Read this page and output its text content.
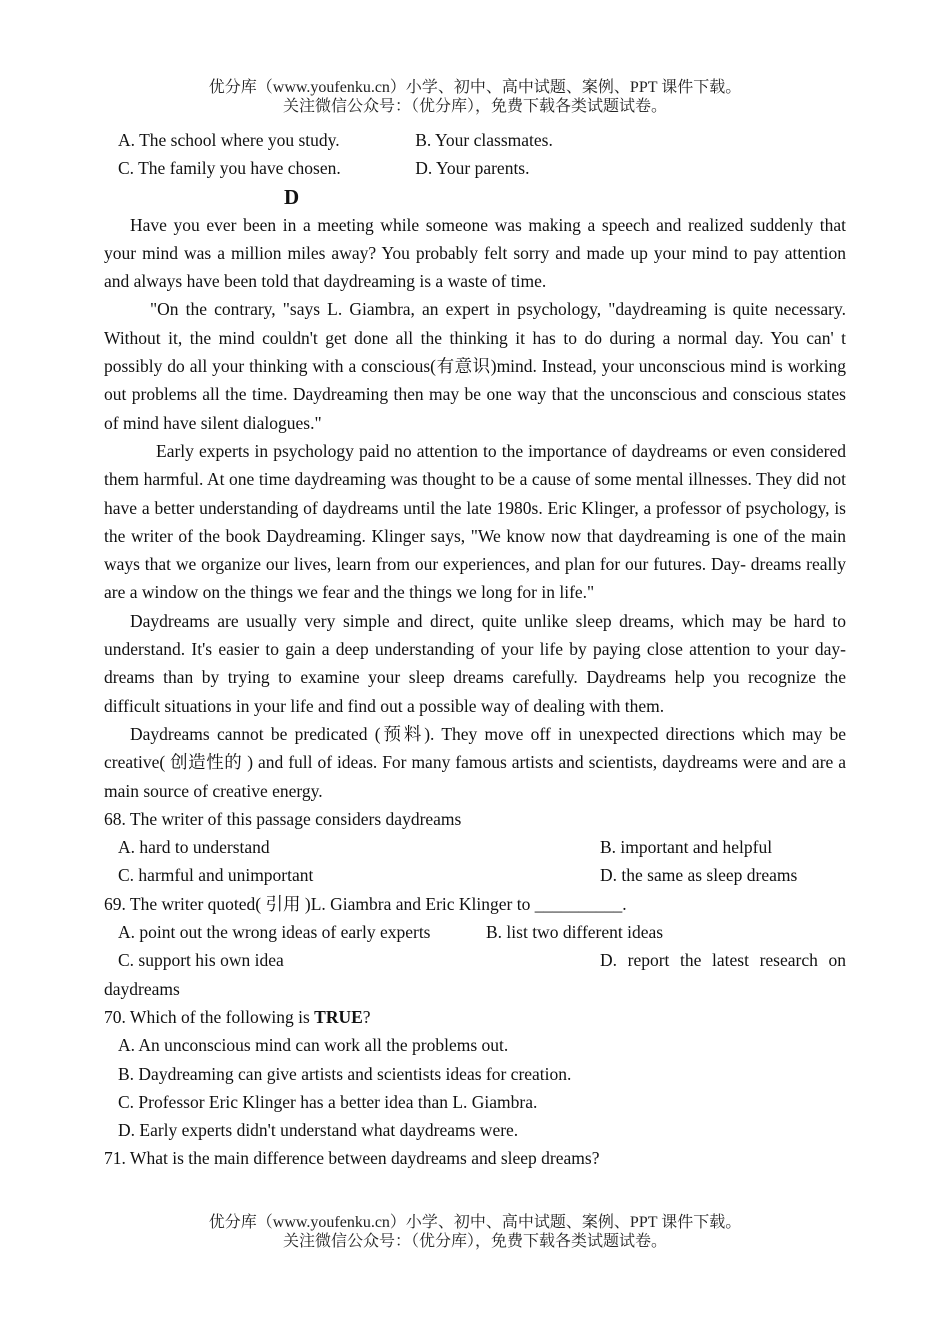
优分库（www.youfenku.cn）小学、初中、高中试题、案例、PPT 课件下载。
关注微信公众号：（优分库），免费下载各类试题试卷。
A. The school where you study.	B. Your classmates.
C. The family you have chosen.	D. Your parents.
D

Have you ever been in a meeting while someone was making a speech and realized suddenly that your mind was a million miles away? You probably felt sorry and made up your mind to pay attention and always have been told that daydreaming is a waste of time.

"On the contrary, "says L. Giambra, an expert in psychology, "daydreaming is quite necessary. Without it, the mind couldn't get done all the thinking it has to do during a normal day. You can' t possibly do all your thinking with a conscious(有意识)mind. Instead, your unconscious mind is working out problems all the time. Daydreaming then may be one way that the unconscious and conscious states of mind have silent dialogues."

Early experts in psychology paid no attention to the importance of daydreams or even considered them harmful. At one time daydreaming was thought to be a cause of some mental illnesses. They did not have a better understanding of daydreams until the late 1980s. Eric Klinger, a professor of psychology, is the writer of the book Daydreaming. Klinger says, "We know now that daydreaming is one of the main ways that we organize our lives, learn from our experiences, and plan for our futures. Day- dreams really are a window on the things we fear and the things we long for in life."

Daydreams are usually very simple and direct, quite unlike sleep dreams, which may be hard to understand. It's easier to gain a deep understanding of your life by paying close attention to your day- dreams than by trying to examine your sleep dreams carefully. Daydreams help you recognize the difficult situations in your life and find out a possible way of dealing with them.

Daydreams cannot be predicated (预料). They move off in unexpected directions which may be creative( 创造性的 ) and full of ideas. For many famous artists and scientists, daydreams were and are a main source of creative energy.

68. The writer of this passage considers daydreams
A. hard to understand	B. important and helpful
C. harmful and unimportant	D. the same as sleep dreams
69. The writer quoted( 引用 )L. Giambra and Eric Klinger to __________.
A. point out the wrong ideas of early experts	B. list two different ideas
C. support his own idea	D. report the latest research on
daydreams
70. Which of the following is TRUE?
A. An unconscious mind can work all the problems out.
B. Daydreaming can give artists and scientists ideas for creation.
C. Professor Eric Klinger has a better idea than L. Giambra.
D. Early experts didn't understand what daydreams were.
71. What is the main difference between daydreams and sleep dreams?
优分库（www.youfenku.cn）小学、初中、高中试题、案例、PPT 课件下载。
关注微信公众号：（优分库），免费下载各类试题试卷。
